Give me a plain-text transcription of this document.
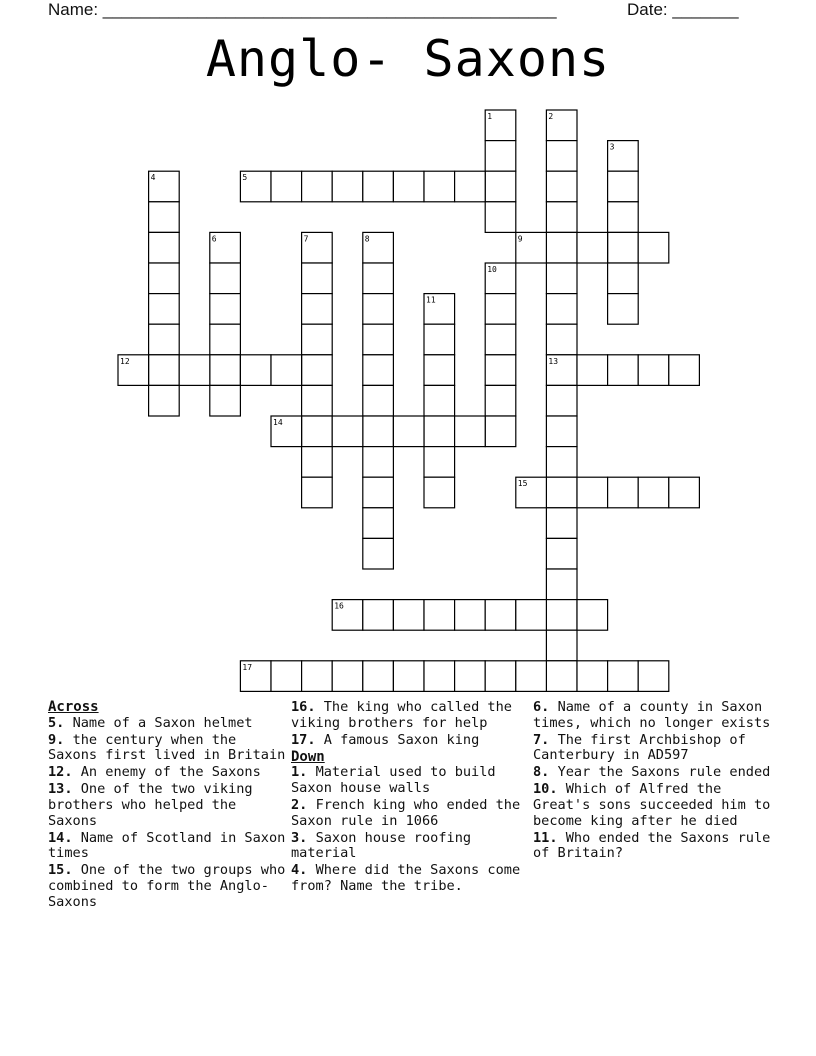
Name: ________________________________________________	Date: _______
Anglo- Saxons
1	2
3
4	5
6	7	8	9
10
11
12	13
14
15
16
17
Across
5. Name of a Saxon helmet
9. the century when the Saxons first lived in Britain
12. An enemy of the Saxons
13. One of the two viking brothers who helped the Saxons
14. Name of Scotland in Saxon times
15. One of the two groups who combined to form the Anglo-Saxons
16. The king who called the viking brothers for help
17. A famous Saxon king
Down
1. Material used to build Saxon house walls
2. French king who ended the Saxon rule in 1066
3. Saxon house roofing material
4. Where did the Saxons come from? Name the tribe.
6. Name of a county in Saxon times, which no longer exists
7. The first Archbishop of Canterbury in AD597
8. Year the Saxons rule ended
10. Which of Alfred the Great's sons succeeded him to become king after he died
11. Who ended the Saxons rule of Britain?
